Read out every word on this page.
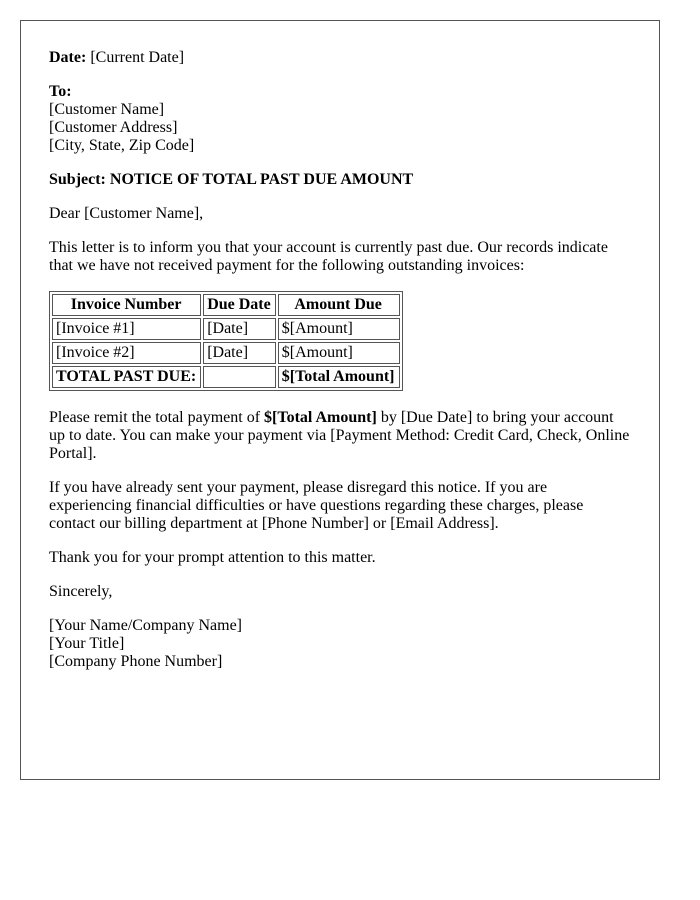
Date: [Current Date]
To:
[Customer Name]
[Customer Address]
[City, State, Zip Code]
Subject: NOTICE OF TOTAL PAST DUE AMOUNT

Dear [Customer Name],

This letter is to inform you that your account is currently past due. Our records indicate that we have not received payment for the following outstanding invoices:

Invoice Number	Due Date	Amount Due
[Invoice #1]	[Date]	$[Amount]
[Invoice #2]	[Date]	$[Amount]
TOTAL PAST DUE:		$[Total Amount]

Please remit the total payment of $[Total Amount] by [Due Date] to bring your account up to date. You can make your payment via [Payment Method: Credit Card, Check, Online Portal].

If you have already sent your payment, please disregard this notice. If you are experiencing financial difficulties or have questions regarding these charges, please contact our billing department at [Phone Number] or [Email Address].

Thank you for your prompt attention to this matter.

Sincerely,

[Your Name/Company Name]
[Your Title]
[Company Phone Number]
